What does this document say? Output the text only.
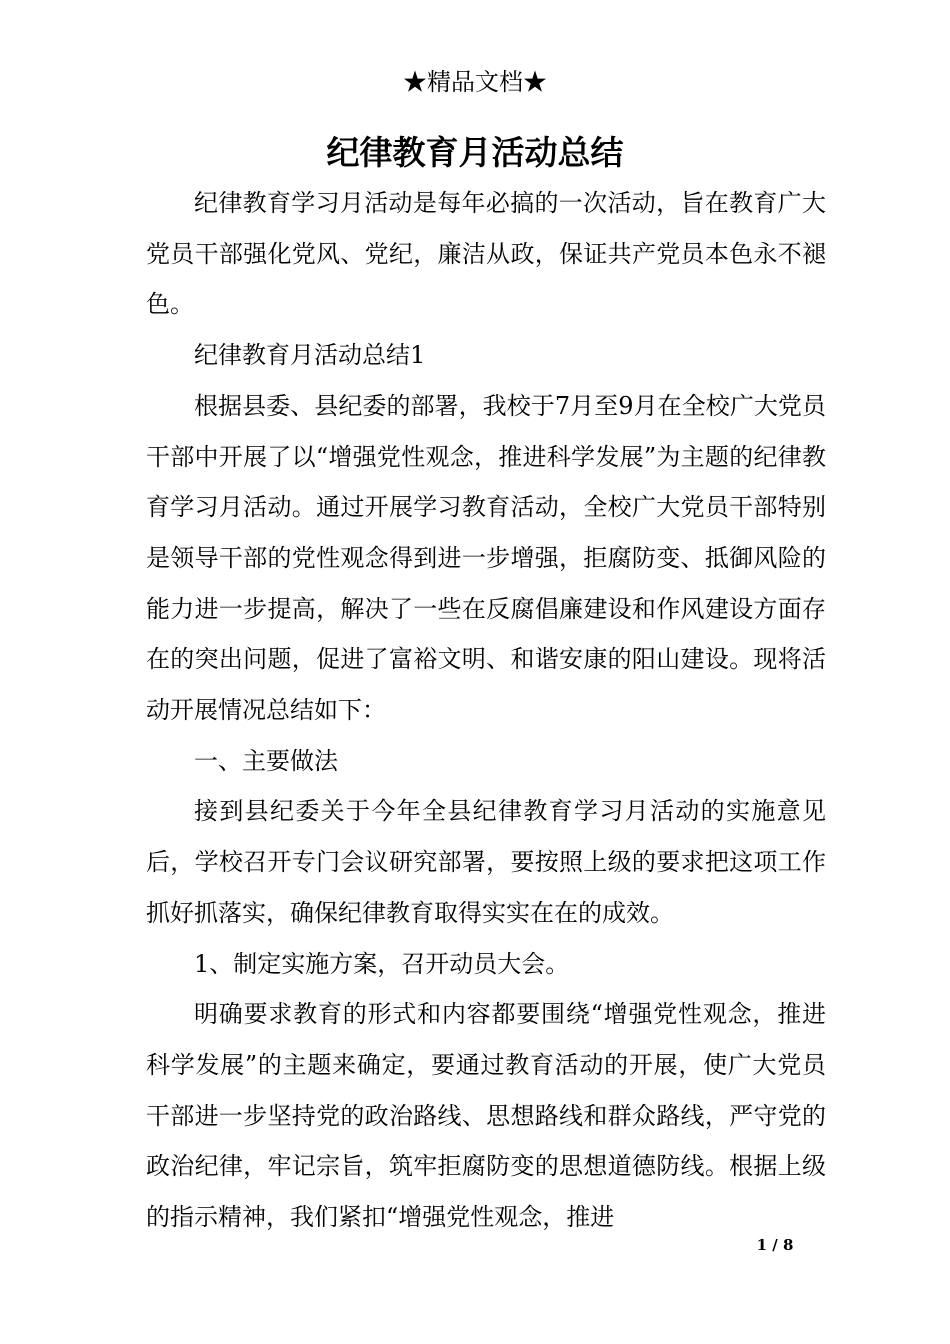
★精品文档★
纪律教育月活动总结

纪律教育学习月活动是每年必搞的一次活动，旨在教育广大党员干部强化党风、党纪，廉洁从政，保证共产党员本色永不褪色。

纪律教育月活动总结1

根据县委、县纪委的部署，我校于7月至9月在全校广大党员干部中开展了以“增强党性观念，推进科学发展”为主题的纪律教育学习月活动。通过开展学习教育活动，全校广大党员干部特别是领导干部的党性观念得到进一步增强，拒腐防变、抵御风险的能力进一步提高，解决了一些在反腐倡廉建设和作风建设方面存在的突出问题，促进了富裕文明、和谐安康的阳山建设。现将活动开展情况总结如下：

一、主要做法

接到县纪委关于今年全县纪律教育学习月活动的实施意见后，学校召开专门会议研究部署，要按照上级的要求把这项工作抓好抓落实，确保纪律教育取得实实在在的成效。

1、制定实施方案，召开动员大会。

明确要求教育的形式和内容都要围绕“增强党性观念，推进科学发展”的主题来确定，要通过教育活动的开展，使广大党员干部进一步坚持党的政治路线、思想路线和群众路线，严守党的政治纪律，牢记宗旨，筑牢拒腐防变的思想道德防线。根据上级的指示精神，我们紧扣“增强党性观念，推进

1 / 8
